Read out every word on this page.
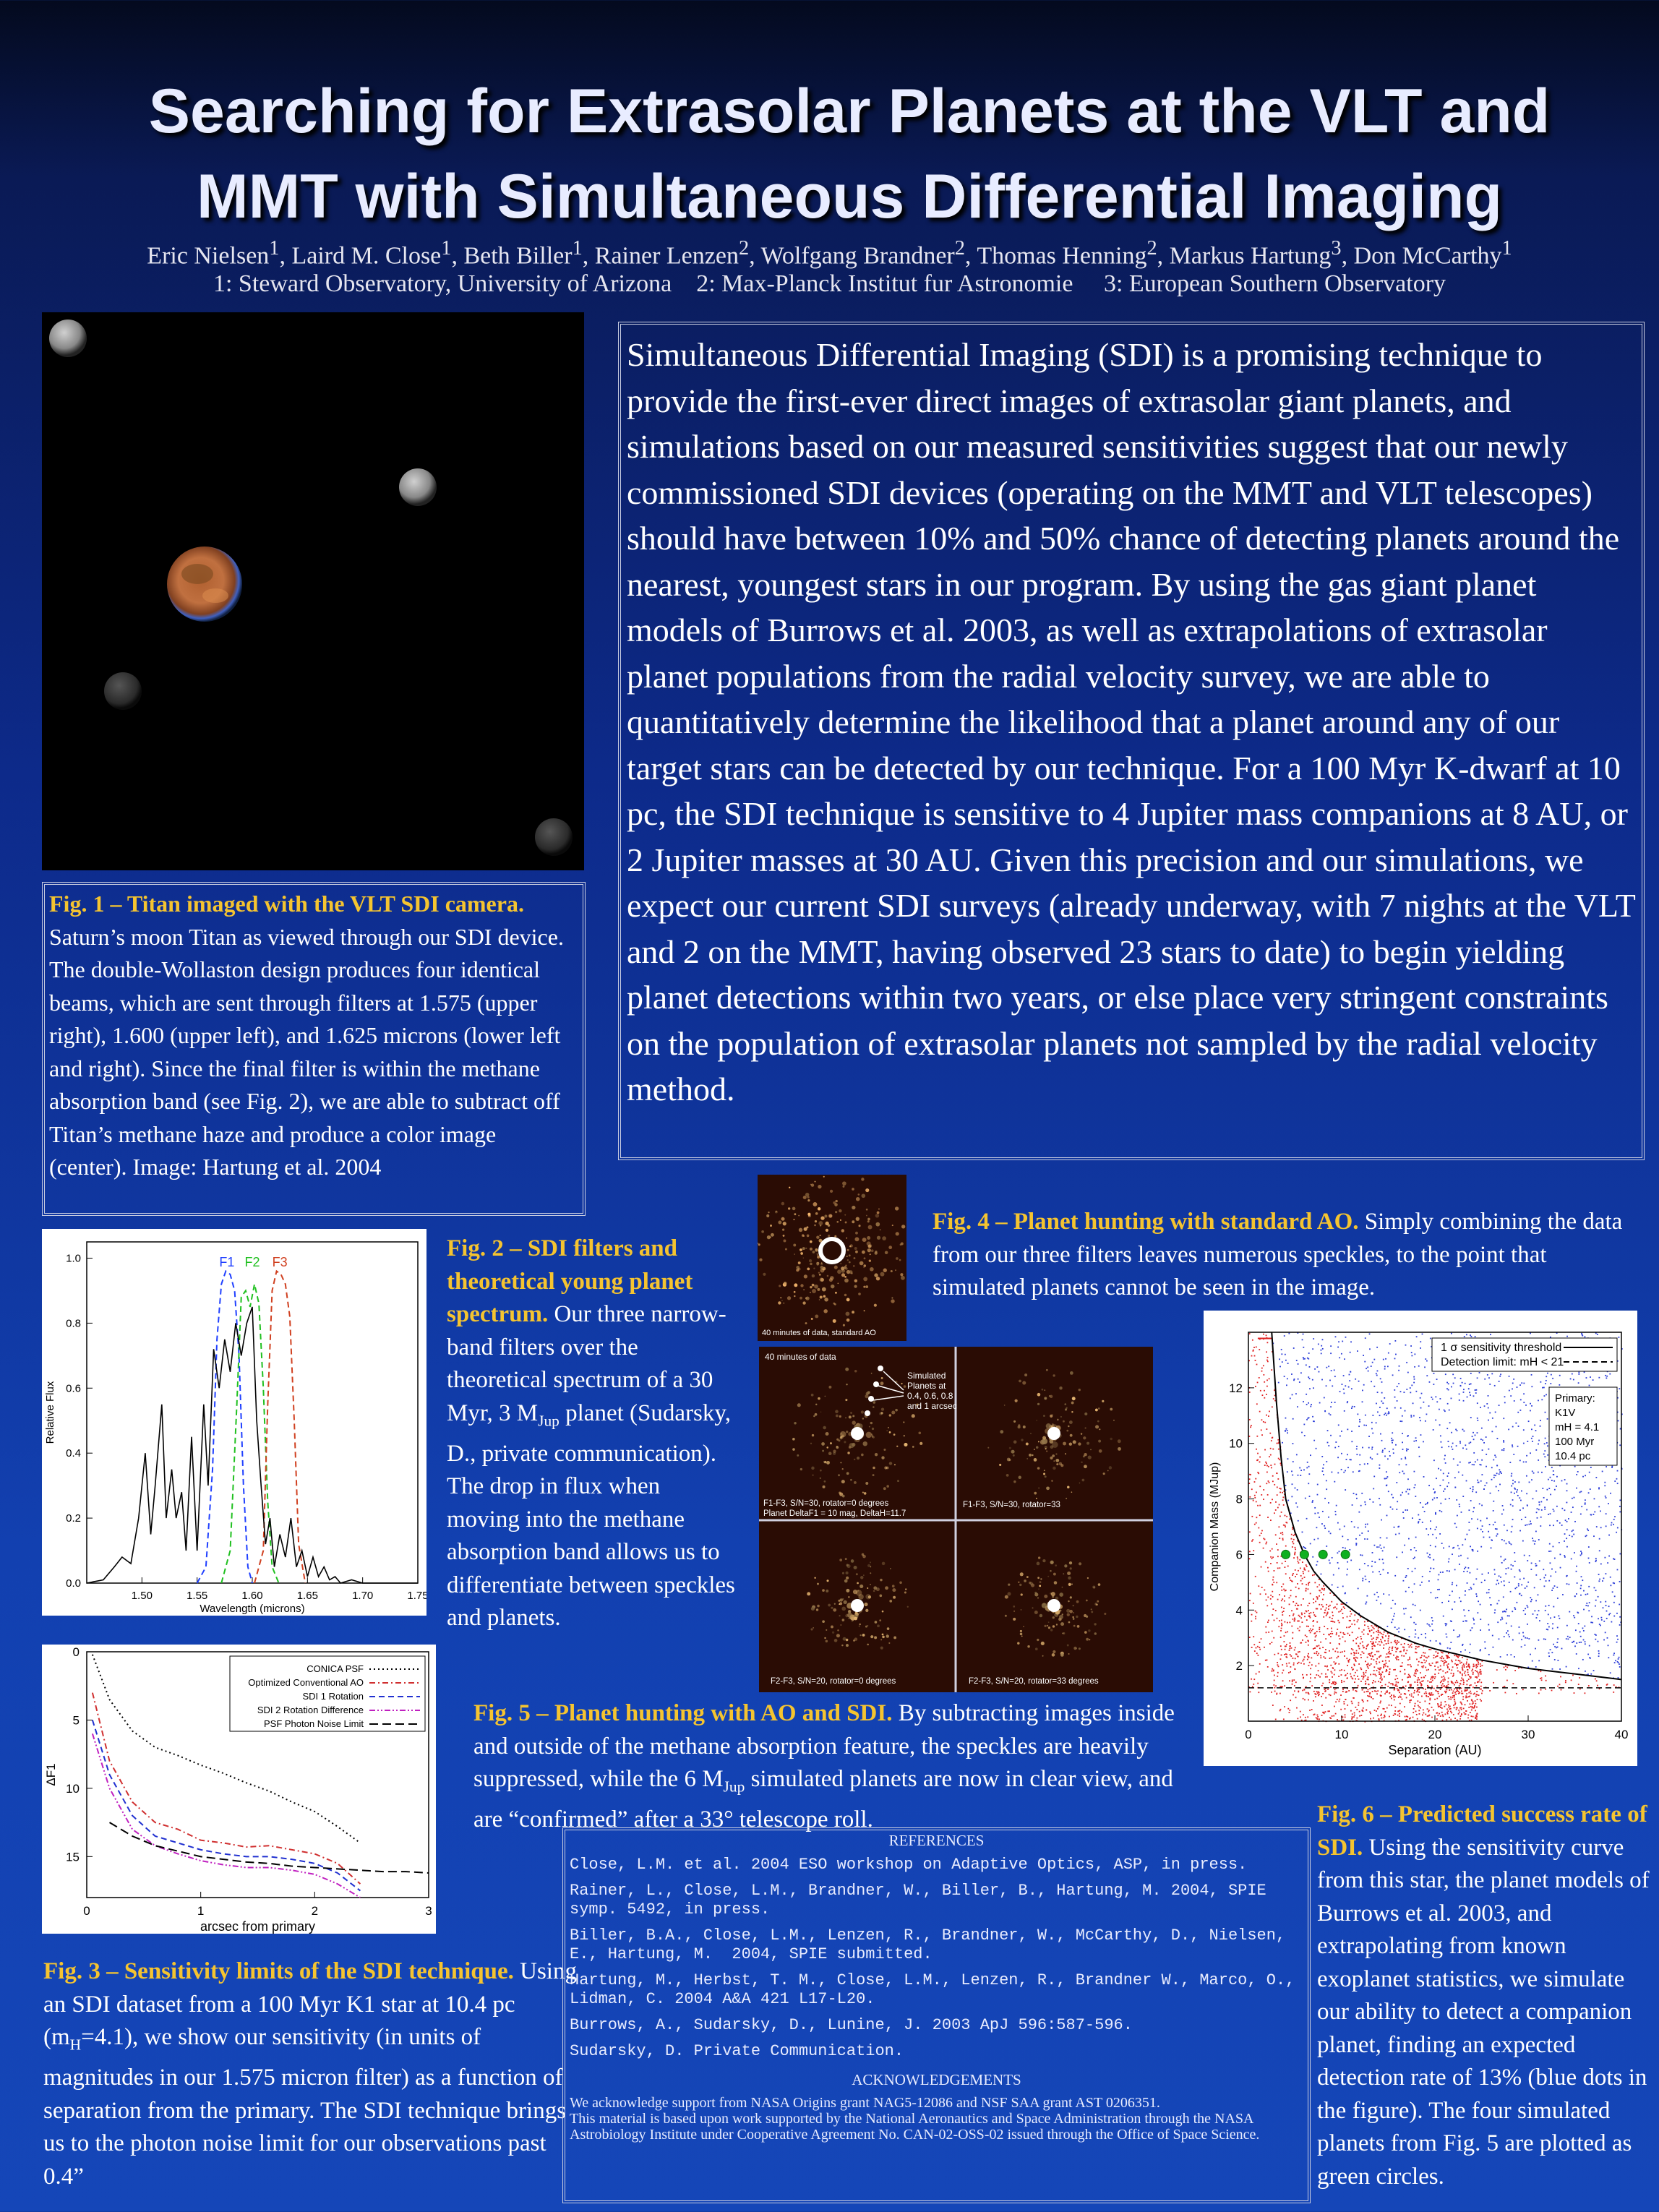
Searching for Extrasolar Planets at the VLT and
MMT with Simultaneous Differential Imaging
Eric Nielsen$^1$, Laird M. Close$^1$, Beth Biller$^1$, Rainer Lenzen$^2$, Wolfgang Brandner$^2$, Thomas Henning$^2$, Markus Hartung$^3$, Don McCarthy$^1$
1: Steward Observatory, University of Arizona 2: Max-Planck Institut fur Astronomie 3: European Southern Observatory
Fig. 1 – Titan imaged with the VLT SDI camera. Saturn’s moon Titan as viewed through our SDI device. The double-Wollaston design produces four identical beams, which are sent through filters at 1.575 (upper right), 1.600 (upper left), and 1.625 microns (lower left and right). Since the final filter is within the methane absorption band (see Fig. 2), we are able to subtract off Titan’s methane haze and produce a color image (center). Image: Hartung et al. 2004
Simultaneous Differential Imaging (SDI) is a promising technique to provide the first-ever direct images of extrasolar giant planets, and simulations based on our measured sensitivities suggest that our newly commissioned SDI devices (operating on the MMT and VLT telescopes) should have between 10% and 50% chance of detecting planets around the nearest, youngest stars in our program. By using the gas giant planet models of Burrows et al. 2003, as well as extrapolations of extrasolar planet populations from the radial velocity survey, we are able to quantitatively determine the likelihood that a planet around any of our target stars can be detected by our technique. For a 100 Myr K-dwarf at 10 pc, the SDI technique is sensitive to 4 Jupiter mass companions at 8 AU, or 2 Jupiter masses at 30 AU. Given this precision and our simulations, we expect our current SDI surveys (already underway, with 7 nights at the VLT and 2 on the MMT, having observed 23 stars to date) to begin yielding planet detections within two years, or else place very stringent constraints on the population of extrasolar planets not sampled by the radial velocity method.
1.50	1.55	1.60	1.65	1.70	1.75
0.0
0.2
0.4
0.6
0.8
1.0
Wavelength (microns)
Relative Flux
F1 F2 F3
Fig. 2 – SDI filters and theoretical young planet spectrum. Our three narrow-band filters over the theoretical spectrum of a 30 Myr, 3 $M_{Jup}$ planet (Sudarsky, D., private communication). The drop in flux when moving into the methane absorption band allows us to differentiate between speckles and planets.
0	1	2	3
0
5
10
15
arcsec from primary
ΔF1
CONICA PSF
Optimized Conventional AO
SDI 1 Rotation
SDI 2 Rotation Difference
PSF Photon Noise Limit
Fig. 3 – Sensitivity limits of the SDI technique. Using an SDI dataset from a 100 Myr K1 star at 10.4 pc $(m_H=4.1)$, we show our sensitivity (in units of magnitudes in our 1.575 micron filter) as a function of separation from the primary. The SDI technique brings us to the photon noise limit for our observations past 0.4”
40 minutes of data, standard AO
Fig. 4 – Planet hunting with standard AO. Simply combining the data from our three filters leaves numerous speckles, to the point that simulated planets cannot be seen in the image.
40 minutes of data
Simulated
Planets at
0.4, 0.6, 0.8
and 1 arcsec
F1-F3, S/N=30, rotator=0 degrees
Planet DeltaF1 = 10 mag, DeltaH=11.7
F1-F3, S/N=30, rotator=33
F2-F3, S/N=20, rotator=0 degrees	F2-F3, S/N=20, rotator=33 degrees
Fig. 5 – Planet hunting with AO and SDI. By subtracting images inside and outside of the methane absorption feature, the speckles are heavily suppressed, while the 6 $M_{Jup}$ simulated planets are now in clear view, and are “confirmed” after a 33° telescope roll.
0	10	20	30	40
2
4
6
8
10
12
Separation (AU)
Companion Mass (MJup)
1 σ sensitivity threshold
Detection limit: mH < 21
Primary:
K1V
mH = 4.1
100 Myr
10.4 pc
Fig. 6 – Predicted success rate of SDI. Using the sensitivity curve from this star, the planet models of Burrows et al. 2003, and extrapolating from known exoplanet statistics, we simulate our ability to detect a companion planet, finding an expected detection rate of 13% (blue dots in the figure). The four simulated planets from Fig. 5 are plotted as green circles.
REFERENCES
Close, L.M. et al. 2004 ESO workshop on Adaptive Optics, ASP, in press.
Rainer, L., Close, L.M., Brandner, W., Biller, B., Hartung, M. 2004, SPIE symp. 5492, in press.
Biller, B.A., Close, L.M., Lenzen, R., Brandner, W., McCarthy, D., Nielsen, E., Hartung, M.  2004, SPIE submitted.
Hartung, M., Herbst, T. M., Close, L.M., Lenzen, R., Brandner W., Marco, O., Lidman, C. 2004 A&A 421 L17-L20.
Burrows, A., Sudarsky, D., Lunine, J. 2003 ApJ 596:587-596.
Sudarsky, D. Private Communication.
ACKNOWLEDGEMENTS
We acknowledge support from NASA Origins grant NAG5-12086 and NSF SAA grant AST 0206351.
This material is based upon work supported by the National Aeronautics and Space Administration through the NASA Astrobiology Institute under Cooperative Agreement No. CAN-02-OSS-02 issued through the Office of Space Science.
